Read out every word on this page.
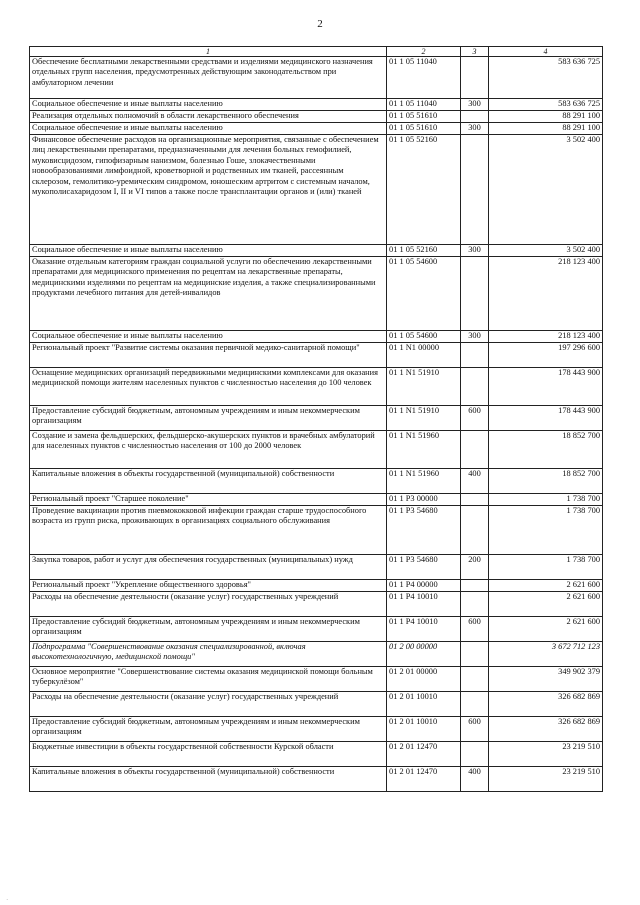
2
1	2	3	4
Обеспечение бесплатными лекарственными средствами и изделиями медицинского назначения отдельных групп населения, предусмотренных действующим законодательством при амбулаторном лечении	01 1 05 11040		583 636 725
Социальное обеспечение и иные выплаты населению	01 1 05 11040	300	583 636 725
Реализация отдельных полномочий в области лекарственного обеспечения	01 1 05 51610		88 291 100
Социальное обеспечение и иные выплаты населению	01 1 05 51610	300	88 291 100
Финансовое обеспечение расходов на организационные мероприятия, связанные с обеспечением лиц лекарственными препаратами, предназначенными для лечения больных гемофилией, муковисцидозом, гипофизарным нанизмом, болезнью Гоше, злокачественными новообразованиями лимфоидной, кроветворной и родственных им тканей, рассеянным склерозом, гемолитико-уремическим синдромом, юношеским артритом с системным началом, мукополисахаридозом I, II и VI типов а также после трансплантации органов и (или) тканей	01 1 05 52160		3 502 400
Социальное обеспечение и иные выплаты населению	01 1 05 52160	300	3 502 400
Оказание отдельным категориям граждан социальной услуги по обеспечению лекарственными препаратами для медицинского применения по рецептам на лекарственные препараты, медицинскими изделиями по рецептам на медицинские изделия, а также специализированными продуктами лечебного питания для детей-инвалидов	01 1 05 54600		218 123 400
Социальное обеспечение и иные выплаты населению	01 1 05 54600	300	218 123 400
Региональный проект "Развитие системы оказания первичной медико-санитарной помощи"	01 1 N1 00000		197 296 600
Оснащение медицинских организаций передвижными медицинскими комплексами для оказания медицинской помощи жителям населенных пунктов с численностью населения до 100 человек	01 1 N1 51910		178 443 900
Предоставление субсидий бюджетным, автономным учреждениям и иным некоммерческим организациям	01 1 N1 51910	600	178 443 900
Создание и замена фельдшерских, фельдшерско-акушерских пунктов и врачебных амбулаторий для населенных пунктов с численностью населения от 100 до 2000 человек	01 1 N1 51960		18 852 700
Капитальные вложения в объекты государственной (муниципальной) собственности	01 1 N1 51960	400	18 852 700
Региональный проект "Старшее поколение"	01 1 P3 00000		1 738 700
Проведение вакцинации против пневмококковой инфекции граждан старше трудоспособного возраста из групп риска, проживающих в организациях социального обслуживания	01 1 P3 54680		1 738 700
Закупка товаров, работ и услуг для обеспечения государственных (муниципальных) нужд	01 1 P3 54680	200	1 738 700
Региональный проект "Укрепление общественного здоровья"	01 1 P4 00000		2 621 600
Расходы на обеспечение деятельности (оказание услуг) государственных учреждений	01 1 P4 10010		2 621 600
Предоставление субсидий бюджетным, автономным учреждениям и иным некоммерческим организациям	01 1 P4 10010	600	2 621 600
Подпрограмма "Совершенствование оказания специализированной, включая высокотехнологичную, медицинской помощи"	01 2 00 00000		3 672 712 123
Основное мероприятие "Совершенствование системы оказания медицинской помощи больным туберкулёзом"	01 2 01 00000		349 902 379
Расходы на обеспечение деятельности (оказание услуг) государственных учреждений	01 2 01 10010		326 682 869
Предоставление субсидий бюджетным, автономным учреждениям и иным некоммерческим организациям	01 2 01 10010	600	326 682 869
Бюджетные инвестиции в объекты государственной собственности Курской области	01 2 01 12470		23 219 510
Капитальные вложения в объекты государственной (муниципальной) собственности	01 2 01 12470	400	23 219 510
·
